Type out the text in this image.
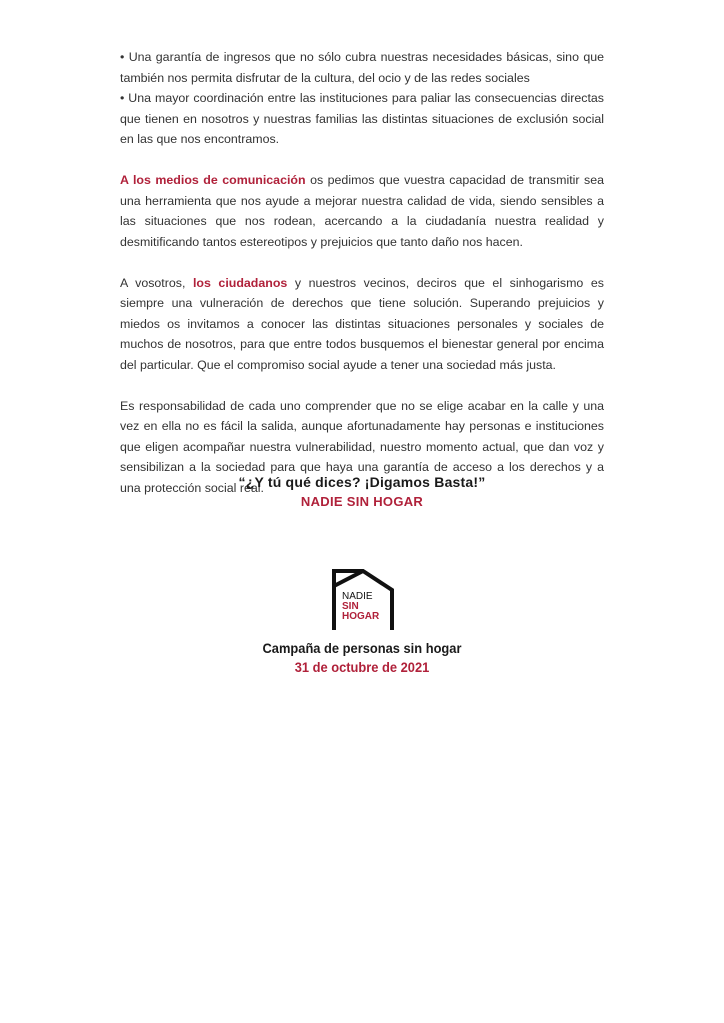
• Una garantía de ingresos que no sólo cubra nuestras necesidades básicas, sino que también nos permita disfrutar de la cultura, del ocio y de las redes sociales

• Una mayor coordinación entre las instituciones para paliar las consecuencias directas que tienen en nosotros y nuestras familias las distintas situaciones de exclusión social en las que nos encontramos.

A los medios de comunicación os pedimos que vuestra capacidad de transmitir sea una herramienta que nos ayude a mejorar nuestra calidad de vida, siendo sensibles a las situaciones que nos rodean, acercando a la ciudadanía nuestra realidad y desmitificando tantos estereotipos y prejuicios que tanto daño nos hacen.

A vosotros, los ciudadanos y nuestros vecinos, deciros que el sinhogarismo es siempre una vulneración de derechos que tiene solución. Superando prejuicios y miedos os invitamos a conocer las distintas situaciones personales y sociales de muchos de nosotros, para que entre todos busquemos el bienestar general por encima del particular. Que el compromiso social ayude a tener una sociedad más justa.

Es responsabilidad de cada uno comprender que no se elige acabar en la calle y una vez en ella no es fácil la salida, aunque afortunadamente hay personas e instituciones que eligen acompañar nuestra vulnerabilidad, nuestro momento actual, que dan voz y sensibilizan a la sociedad para que haya una garantía de acceso a los derechos y a una protección social real.

“¿Y tú qué dices? ¡Digamos Basta!”
NADIE SIN HOGAR
NADIE
SIN
HOGAR
Campaña de personas sin hogar
31 de octubre de 2021
